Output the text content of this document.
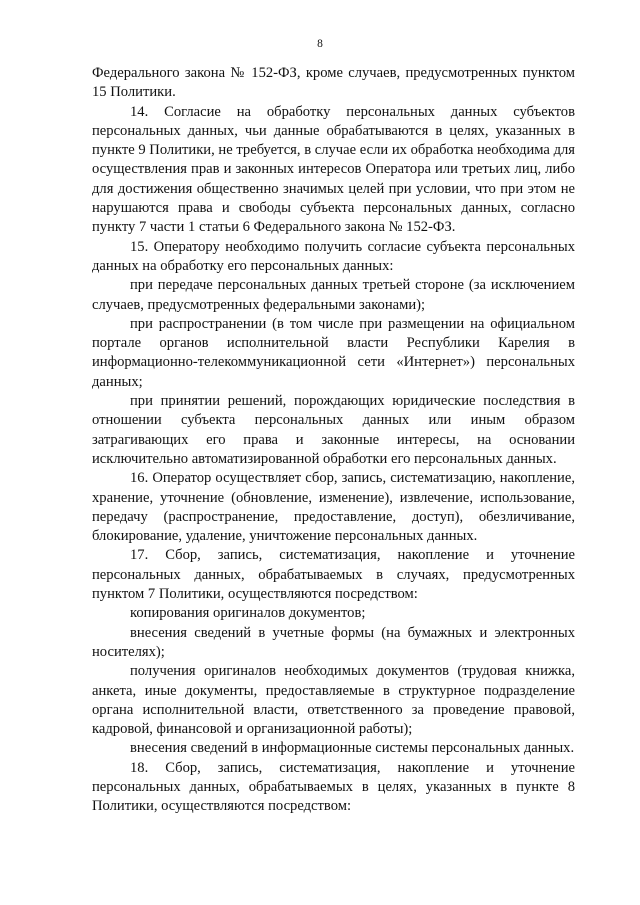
8

Федерального закона № 152-ФЗ, кроме случаев, предусмотренных пунктом 15 Политики.

14. Согласие на обработку персональных данных субъектов персональных данных, чьи данные обрабатываются в целях, указанных в пункте 9 Политики, не требуется, в случае если их обработка необходима для осуществления прав и законных интересов Оператора или третьих лиц, либо для достижения общественно значимых целей при условии, что при этом не нарушаются права и свободы субъекта персональных данных, согласно пункту 7 части 1 статьи 6 Федерального закона № 152-ФЗ.

15. Оператору необходимо получить согласие субъекта персональных данных на обработку его персональных данных:

при передаче персональных данных третьей стороне (за исключением случаев, предусмотренных федеральными законами);

при распространении (в том числе при размещении на официальном портале органов исполнительной власти Республики Карелия в информационно-телекоммуникационной сети «Интернет») персональных данных;

при принятии решений, порождающих юридические последствия в отношении субъекта персональных данных или иным образом затрагивающих его права и законные интересы, на основании исключительно автоматизированной обработки его персональных данных.

16. Оператор осуществляет сбор, запись, систематизацию, накопление, хранение, уточнение (обновление, изменение), извлечение, использование, передачу (распространение, предоставление, доступ), обезличивание, блокирование, удаление, уничтожение персональных данных.

17. Сбор, запись, систематизация, накопление и уточнение персональных данных, обрабатываемых в случаях, предусмотренных пунктом 7 Политики, осуществляются посредством:

копирования оригиналов документов;

внесения сведений в учетные формы (на бумажных и электронных носителях);

получения оригиналов необходимых документов (трудовая книжка, анкета, иные документы, предоставляемые в структурное подразделение органа исполнительной власти, ответственного за проведение правовой, кадровой, финансовой и организационной работы);

внесения сведений в информационные системы персональных данных.

18. Сбор, запись, систематизация, накопление и уточнение персональных данных, обрабатываемых в целях, указанных в пункте 8 Политики, осуществляются посредством:
